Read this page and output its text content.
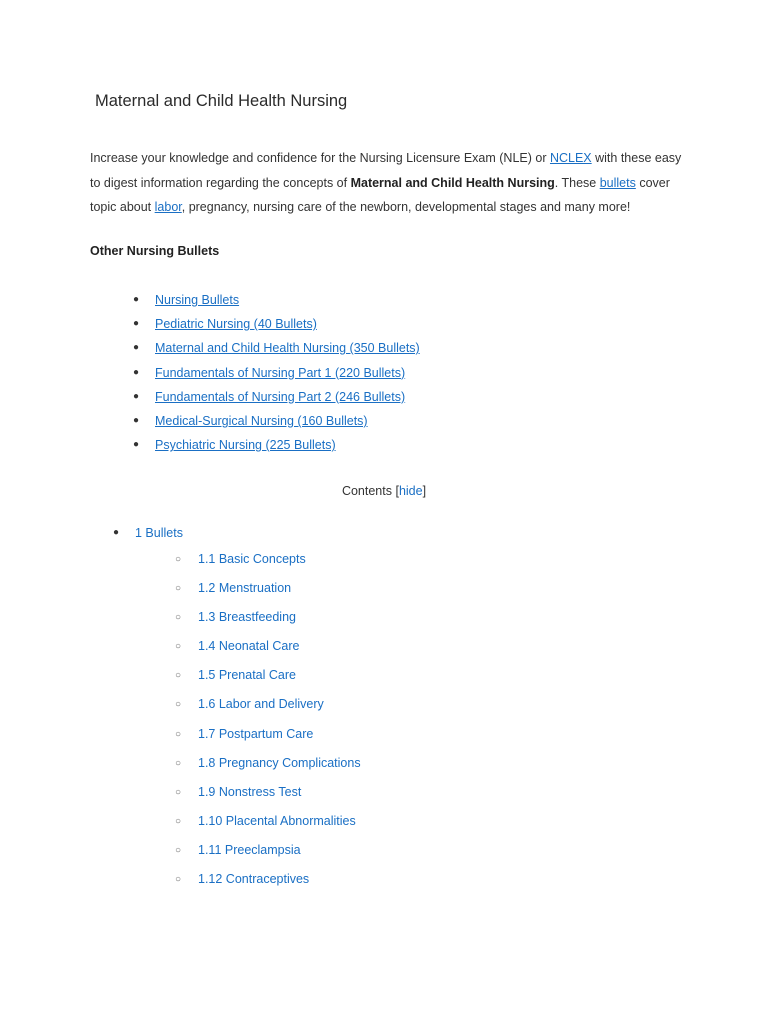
Maternal and Child Health Nursing

Increase your knowledge and confidence for the Nursing Licensure Exam (NLE) or NCLEX with these easy to digest information regarding the concepts of Maternal and Child Health Nursing. These bullets cover topic about labor, pregnancy, nursing care of the newborn, developmental stages and many more!

Other Nursing Bullets

● Nursing Bullets
● Pediatric Nursing (40 Bullets)
● Maternal and Child Health Nursing (350 Bullets)
● Fundamentals of Nursing Part 1 (220 Bullets)
● Fundamentals of Nursing Part 2 (246 Bullets)
● Medical-Surgical Nursing (160 Bullets)
● Psychiatric Nursing (225 Bullets)

Contents [hide]

● 1 Bullets
○ 1.1 Basic Concepts
○ 1.2 Menstruation
○ 1.3 Breastfeeding
○ 1.4 Neonatal Care
○ 1.5 Prenatal Care
○ 1.6 Labor and Delivery
○ 1.7 Postpartum Care
○ 1.8 Pregnancy Complications
○ 1.9 Nonstress Test
○ 1.10 Placental Abnormalities
○ 1.11 Preeclampsia
○ 1.12 Contraceptives
